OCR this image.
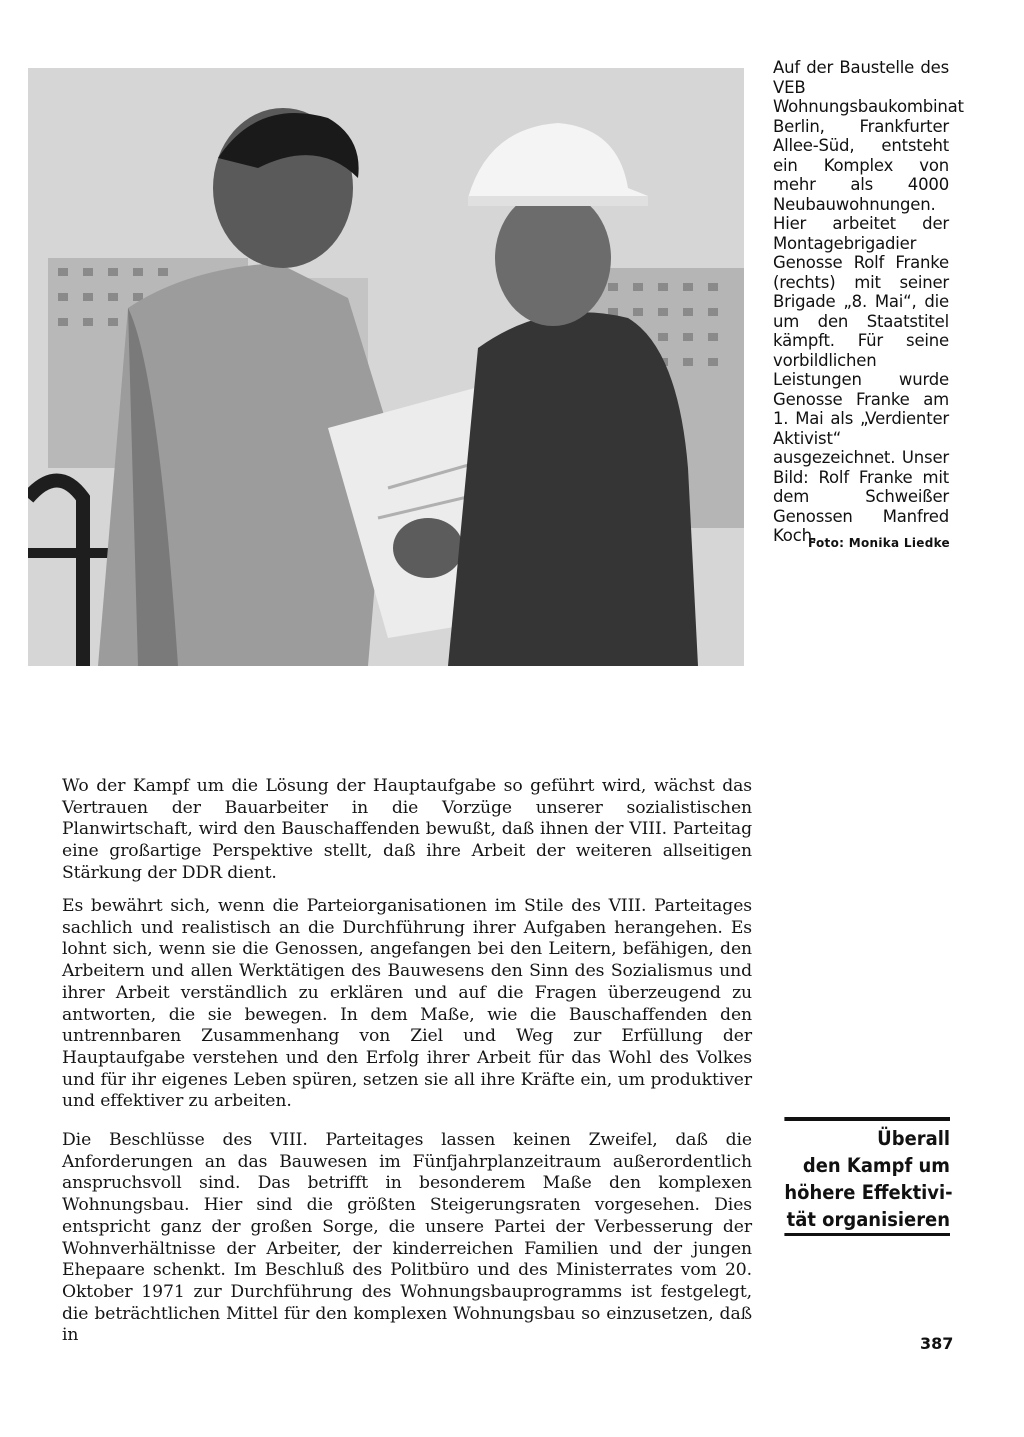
Auf der Baustelle des VEB Wohnungsbaukombinat Berlin, Frankfurter Allee-Süd, entsteht ein Komplex von mehr als 4000 Neubauwohnungen. Hier arbeitet der Montagebrigadier Genosse Rolf Franke (rechts) mit seiner Brigade „8. Mai“, die um den Staatstitel kämpft. Für seine vorbildlichen Leistungen wurde Genosse Franke am 1. Mai als „Verdienter Aktivist“ ausgezeichnet. Unser Bild: Rolf Franke mit dem Schweißer Genossen Manfred Koch.
Foto: Monika Liedke
Wo der Kampf um die Lösung der Hauptaufgabe so geführt wird, wächst das Vertrauen der Bauarbeiter in die Vorzüge unserer sozialistischen Planwirtschaft, wird den Bauschaffenden bewußt, daß ihnen der VIII. Parteitag eine großartige Perspektive stellt, daß ihre Arbeit der weiteren allseitigen Stärkung der DDR dient.
Es bewährt sich, wenn die Parteiorganisationen im Stile des VIII. Parteitages sachlich und realistisch an die Durchführung ihrer Aufgaben herangehen. Es lohnt sich, wenn sie die Genossen, angefangen bei den Leitern, befähigen, den Arbeitern und allen Werktätigen des Bauwesens den Sinn des Sozialismus und ihrer Arbeit verständlich zu erklären und auf die Fragen überzeugend zu antworten, die sie bewegen. In dem Maße, wie die Bauschaffenden den untrennbaren Zusammenhang von Ziel und Weg zur Erfüllung der Hauptaufgabe verstehen und den Erfolg ihrer Arbeit für das Wohl des Volkes und für ihr eigenes Leben spüren, setzen sie all ihre Kräfte ein, um produktiver und effektiver zu arbeiten.
Die Beschlüsse des VIII. Parteitages lassen keinen Zweifel, daß die Anforderungen an das Bauwesen im Fünfjahrplanzeitraum außerordentlich anspruchsvoll sind. Das betrifft in besonderem Maße den komplexen Wohnungsbau. Hier sind die größten Steigerungsraten vorgesehen. Dies entspricht ganz der großen Sorge, die unsere Partei der Verbesserung der Wohnverhältnisse der Arbeiter, der kinderreichen Familien und der jungen Ehepaare schenkt. Im Beschluß des Politbüro und des Ministerrates vom 20. Oktober 1971 zur Durchführung des Wohnungsbauprogramms ist festgelegt, die beträchtlichen Mittel für den komplexen Wohnungsbau so einzusetzen, daß in
Überall
den Kampf um
höhere Effektivi-
tät organisieren
387
